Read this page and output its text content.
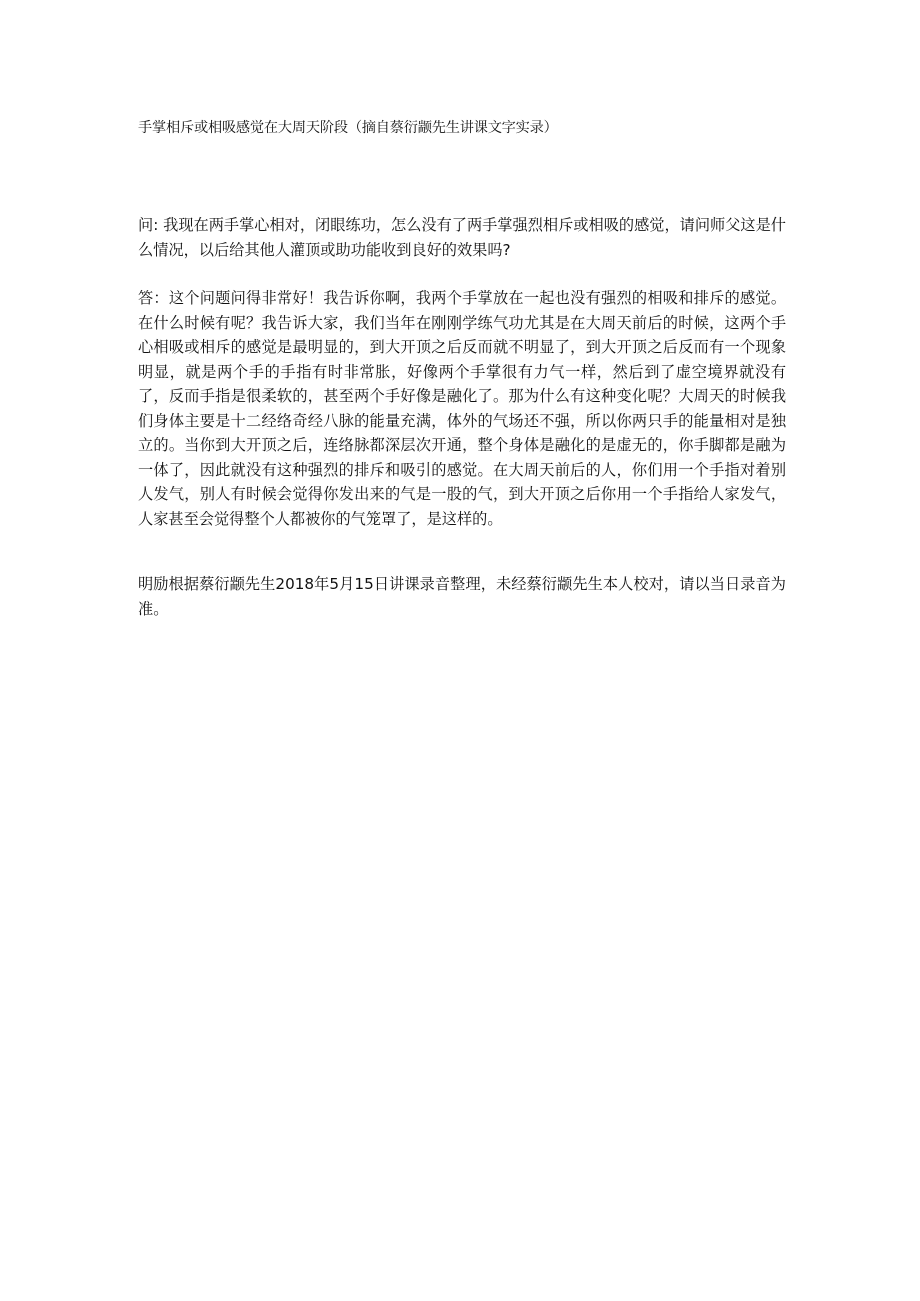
手掌相斥或相吸感觉在大周天阶段（摘自蔡衍颛先生讲课文字实录）
问: 我现在两手掌心相对，闭眼练功，怎么没有了两手掌强烈相斥或相吸的感觉，请问师父这是什么情况，以后给其他人灌顶或助功能收到良好的效果吗?
答：这个问题问得非常好！我告诉你啊，我两个手掌放在一起也没有强烈的相吸和排斥的感觉。在什么时候有呢？我告诉大家，我们当年在刚刚学练气功尤其是在大周天前后的时候，这两个手心相吸或相斥的感觉是最明显的，到大开顶之后反而就不明显了，到大开顶之后反而有一个现象明显，就是两个手的手指有时非常胀，好像两个手掌很有力气一样，然后到了虚空境界就没有了，反而手指是很柔软的，甚至两个手好像是融化了。那为什么有这种变化呢？大周天的时候我们身体主要是十二经络奇经八脉的能量充满，体外的气场还不强，所以你两只手的能量相对是独立的。当你到大开顶之后，连络脉都深层次开通，整个身体是融化的是虚无的，你手脚都是融为一体了，因此就没有这种强烈的排斥和吸引的感觉。在大周天前后的人，你们用一个手指对着别人发气，别人有时候会觉得你发出来的气是一股的气，到大开顶之后你用一个手指给人家发气，人家甚至会觉得整个人都被你的气笼罩了，是这样的。
明励根据蔡衍颛先生2018年5月15日讲课录音整理，未经蔡衍颛先生本人校对，请以当日录音为准。
